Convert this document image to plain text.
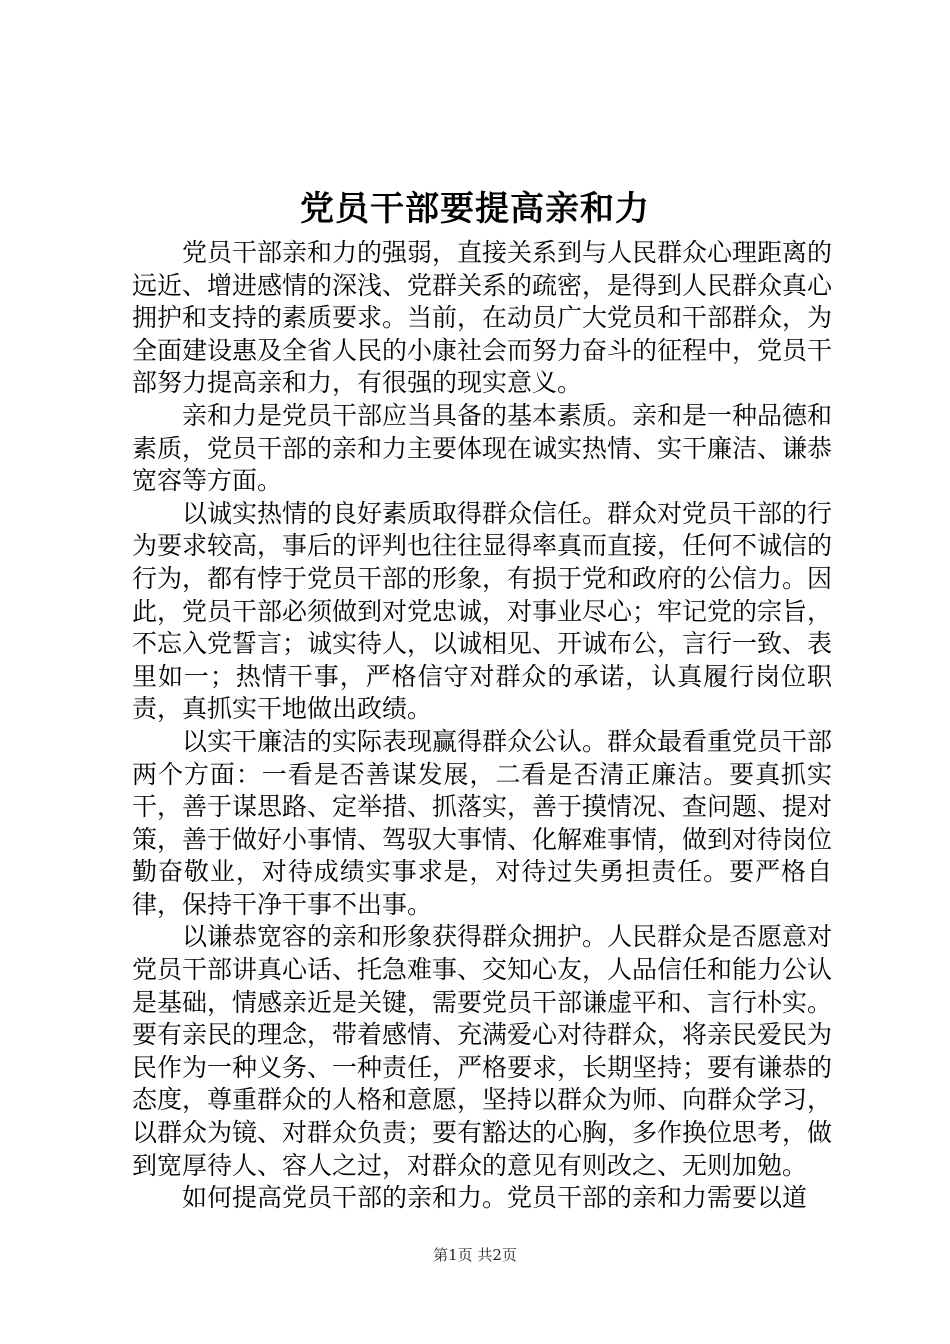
党员干部要提高亲和力

党员干部亲和力的强弱，直接关系到与人民群众心理距离的远近、增进感情的深浅、党群关系的疏密，是得到人民群众真心拥护和支持的素质要求。当前，在动员广大党员和干部群众，为全面建设惠及全省人民的小康社会而努力奋斗的征程中，党员干部努力提高亲和力，有很强的现实意义。

亲和力是党员干部应当具备的基本素质。亲和是一种品德和素质，党员干部的亲和力主要体现在诚实热情、实干廉洁、谦恭宽容等方面。

以诚实热情的良好素质取得群众信任。群众对党员干部的行为要求较高，事后的评判也往往显得率真而直接，任何不诚信的行为，都有悖于党员干部的形象，有损于党和政府的公信力。因此，党员干部必须做到对党忠诚，对事业尽心；牢记党的宗旨，不忘入党誓言；诚实待人，以诚相见、开诚布公，言行一致、表里如一；热情干事，严格信守对群众的承诺，认真履行岗位职责，真抓实干地做出政绩。

以实干廉洁的实际表现赢得群众公认。群众最看重党员干部两个方面：一看是否善谋发展，二看是否清正廉洁。要真抓实干，善于谋思路、定举措、抓落实，善于摸情况、查问题、提对策，善于做好小事情、驾驭大事情、化解难事情，做到对待岗位勤奋敬业，对待成绩实事求是，对待过失勇担责任。要严格自律，保持干净干事不出事。

以谦恭宽容的亲和形象获得群众拥护。人民群众是否愿意对党员干部讲真心话、托急难事、交知心友，人品信任和能力公认是基础，情感亲近是关键，需要党员干部谦虚平和、言行朴实。要有亲民的理念，带着感情、充满爱心对待群众，将亲民爱民为民作为一种义务、一种责任，严格要求，长期坚持；要有谦恭的态度，尊重群众的人格和意愿，坚持以群众为师、向群众学习，以群众为镜、对群众负责；要有豁达的心胸，多作换位思考，做到宽厚待人、容人之过，对群众的意见有则改之、无则加勉。

如何提高党员干部的亲和力。党员干部的亲和力需要以道

第1页 共2页
